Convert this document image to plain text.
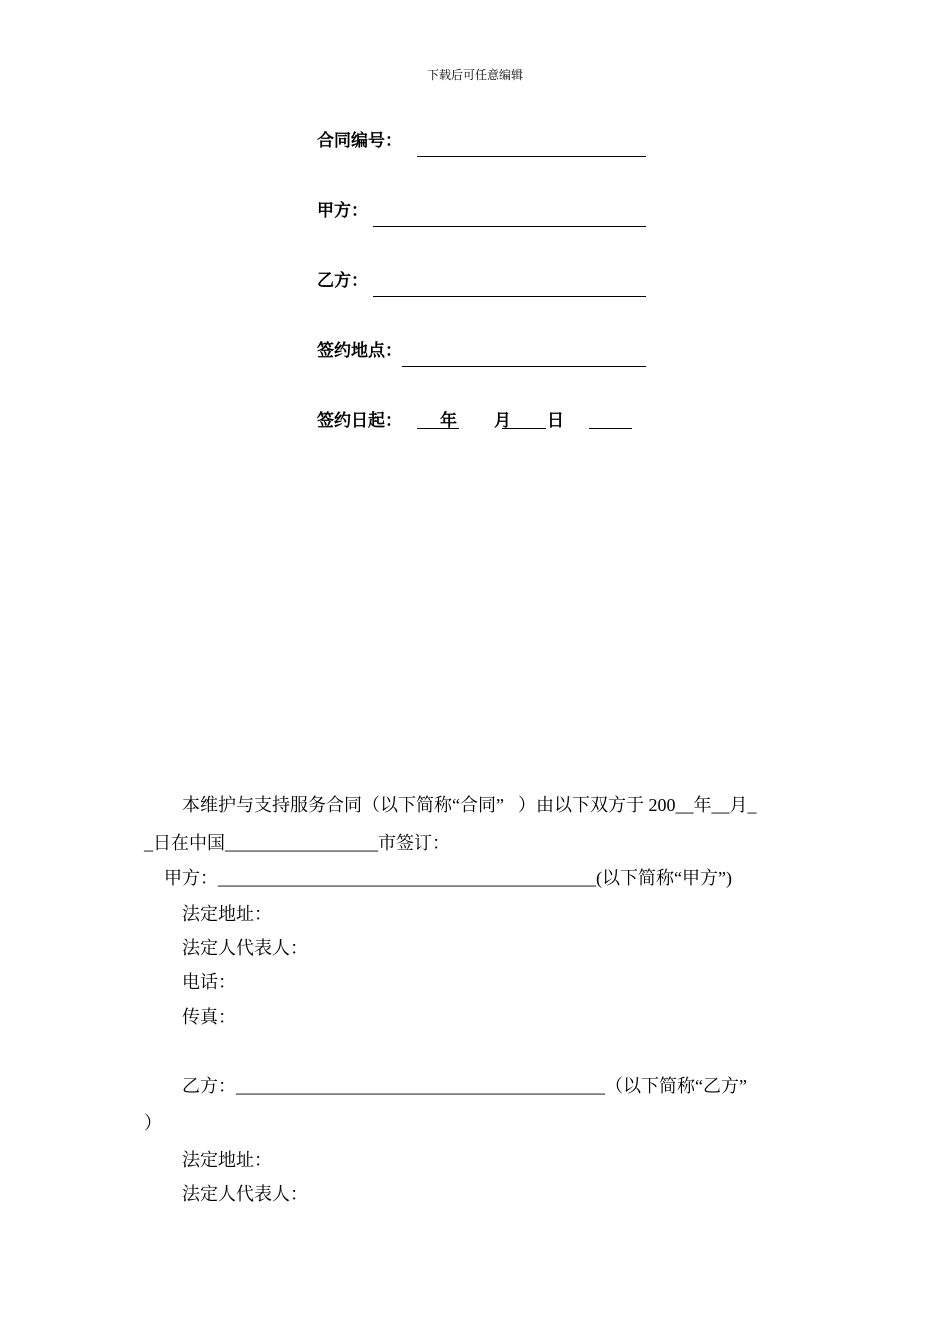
下载后可任意编辑
合同编号：
甲方：
乙方：
签约地点：
签约日起： 年 月 日
本维护与支持服务合同（以下简称“合同” ）由以下双方于 200__年__月_
_日在中国_________________市签订：
甲方：__________________________________________(以下简称“甲方”)
法定地址：
法定人代表人：
电话：
传真：
乙方：_________________________________________（以下简称“乙方”
）
法定地址：
法定人代表人：
